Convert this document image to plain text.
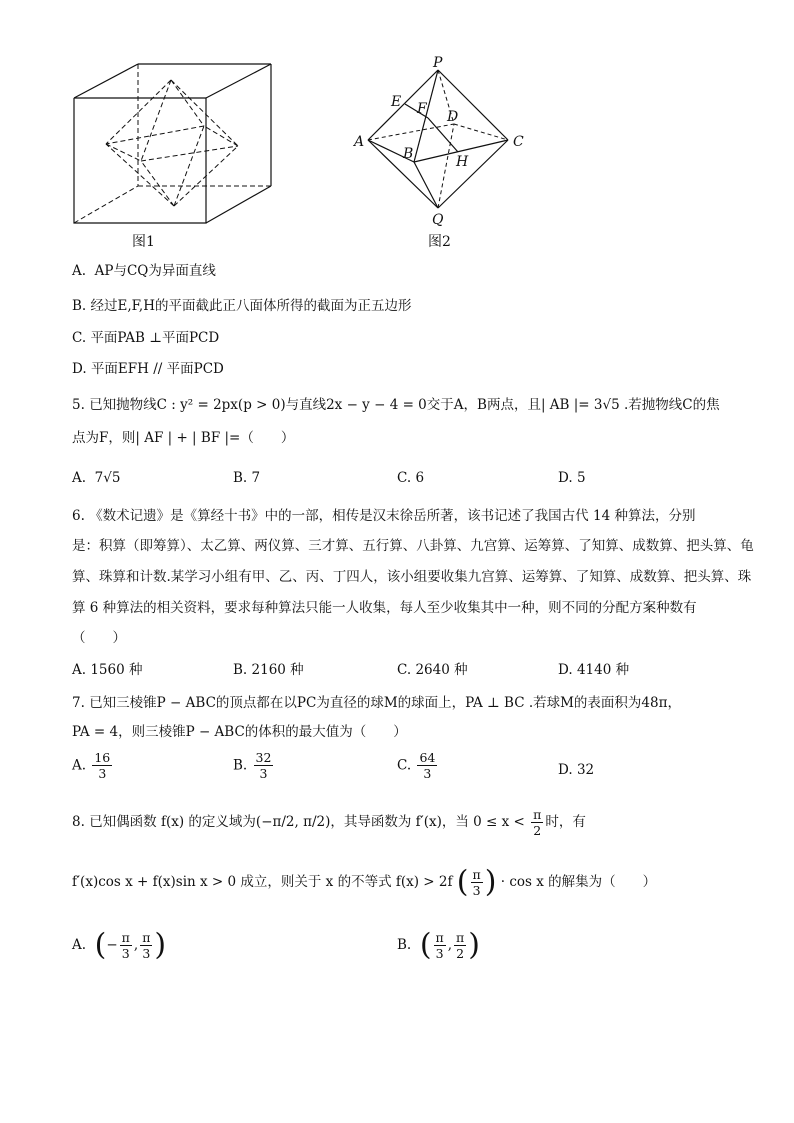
图1
P
E F D
A
B
C
H
Q
图2
A. AP与CQ为异面直线
B. 经过E,F,H的平面截此正八面体所得的截面为正五边形
C. 平面PAB ⊥平面PCD
D. 平面EFH // 平面PCD
5. 已知抛物线C : y² = 2px(p > 0)与直线2x − y − 4 = 0交于A，B两点，且| AB |= 3√5 .若抛物线C的焦
点为F，则| AF | + | BF |=（　　）
A. 7√5	B. 7	C. 6	D. 5
6. 《数术记遗》是《算经十书》中的一部，相传是汉末徐岳所著，该书记述了我国古代 14 种算法，分别
是：积算（即筹算）、太乙算、两仪算、三才算、五行算、八卦算、九宫算、运筹算、了知算、成数算、把头算、龟
算、珠算和计数.某学习小组有甲、乙、丙、丁四人，该小组要收集九宫算、运筹算、了知算、成数算、把头算、珠
算 6 种算法的相关资料，要求每种算法只能一人收集，每人至少收集其中一种，则不同的分配方案种数有
（　　）
A. 1560 种	B. 2160 种	C. 2640 种	D. 4140 种
7. 已知三棱锥P − ABC的顶点都在以PC为直径的球M的球面上，PA ⊥ BC .若球M的表面积为48π，
PA = 4，则三棱锥P − ABC的体积的最大值为（　　）
A. $\frac{16}{3}$	B. $\frac{32}{3}$	C. $\frac{64}{3}$	D. 32
8. 已知偶函数 f(x) 的定义域为(−π/2, π/2)，其导函数为 f′(x)，当 $0 \le x < \frac{\pi}{2}$ 时，有
f′(x)cos x + f(x)sin x > 0 成立，则关于 x 的不等式 f(x) > 2f ( $\frac{\pi}{3}$ ) · cos x 的解集为（　　）
A. (− $\frac{\pi}{3}$ , $\frac{\pi}{3}$ )	B. ( $\frac{\pi}{3}$ , $\frac{\pi}{2}$ )
